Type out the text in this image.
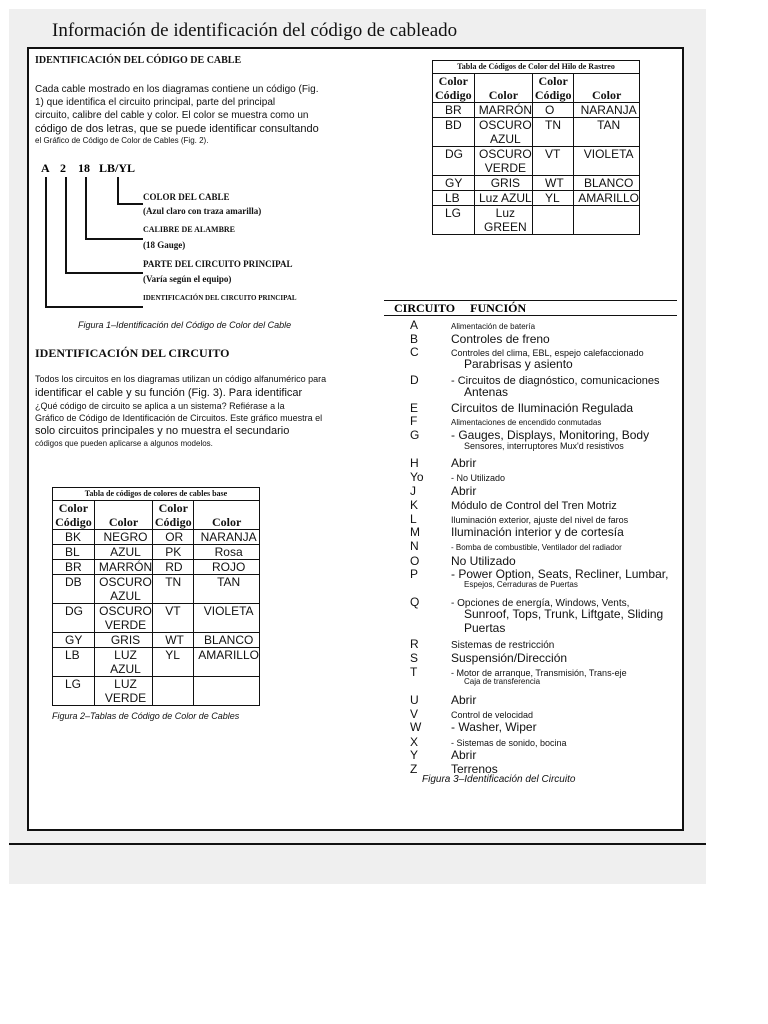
Información de identificación del código de cableado
IDENTIFICACIÓN DEL CÓDIGO DE CABLE
Cada cable mostrado en los diagramas contiene un código (Fig.
1) que identifica el circuito principal, parte del principal
circuito, calibre del cable y color. El color se muestra como un
código de dos letras, que se puede identificar consultando
el Gráfico de Código de Color de Cables (Fig. 2).
A 2 18 LB/YL
COLOR DEL CABLE
(Azul claro con traza amarilla)
CALIBRE DE ALAMBRE
(18 Gauge)
PARTE DEL CIRCUITO PRINCIPAL
(Varía según el equipo)
IDENTIFICACIÓN DEL CIRCUITO PRINCIPAL
Figura 1–Identificación del Código de Color del Cable
IDENTIFICACIÓN DEL CIRCUITO
Todos los circuitos en los diagramas utilizan un código alfanumérico para
identificar el cable y su función (Fig. 3). Para identificar
¿Qué código de circuito se aplica a un sistema? Refiérase a la
Gráfico de Código de Identificación de Circuitos. Este gráfico muestra el
solo circuitos principales y no muestra el secundario
códigos que pueden aplicarse a algunos modelos.
Tabla de códigos de colores de cables base			
Color Código	Color	Color Código	Color
BK	NEGRO	OR	NARANJA
BL	AZUL	PK	Rosa
BR	MARRÓN	RD	ROJO
DB	OSCURO AZUL	TN	TAN
DG	OSCURO VERDE	VT	VIOLETA
GY	GRIS	WT	BLANCO
LB	LUZ AZUL	YL	AMARILLO
LG	LUZ VERDE		
Figura 2–Tablas de Código de Color de Cables
Tabla de Códigos de Color del Hilo de Rastreo			
Color Código	Color	Color Código	Color
BR	MARRÓN	O	NARANJA
BD	OSCURO AZUL	TN	TAN
DG	OSCURO VERDE	VT	VIOLETA
GY	GRIS	WT	BLANCO
LB	Luz AZUL	YL	AMARILLO
LG	Luz GREEN		
CIRCUITO FUNCIÓN
A	Alimentación de batería
B	Controles de freno
C	Controles del clima, EBL, espejo calefaccionado
Parabrisas y asiento
D	- Circuitos de diagnóstico, comunicaciones
Antenas
E	Circuitos de Iluminación Regulada
F	Alimentaciones de encendido conmutadas
G	- Gauges, Displays, Monitoring, Body
Sensores, interruptores Mux'd resistivos
H	Abrir
Yo	- No Utilizado
J	Abrir
K	Módulo de Control del Tren Motriz
L	Iluminación exterior, ajuste del nivel de faros
M	Iluminación interior y de cortesía
N	- Bomba de combustible, Ventilador del radiador
O	No Utilizado
P	- Power Option, Seats, Recliner, Lumbar,
Espejos, Cerraduras de Puertas
Q	- Opciones de energía, Windows, Vents,
Sunroof, Tops, Trunk, Liftgate, Sliding
Puertas
R	Sistemas de restricción
S	Suspensión/Dirección
T	- Motor de arranque, Transmisión, Trans-eje
Caja de transferencia
U	Abrir
V	Control de velocidad
W - Washer, Wiper
X	- Sistemas de sonido, bocina
Y	Abrir
Z	Terrenos
Figura 3–Identificación del Circuito
